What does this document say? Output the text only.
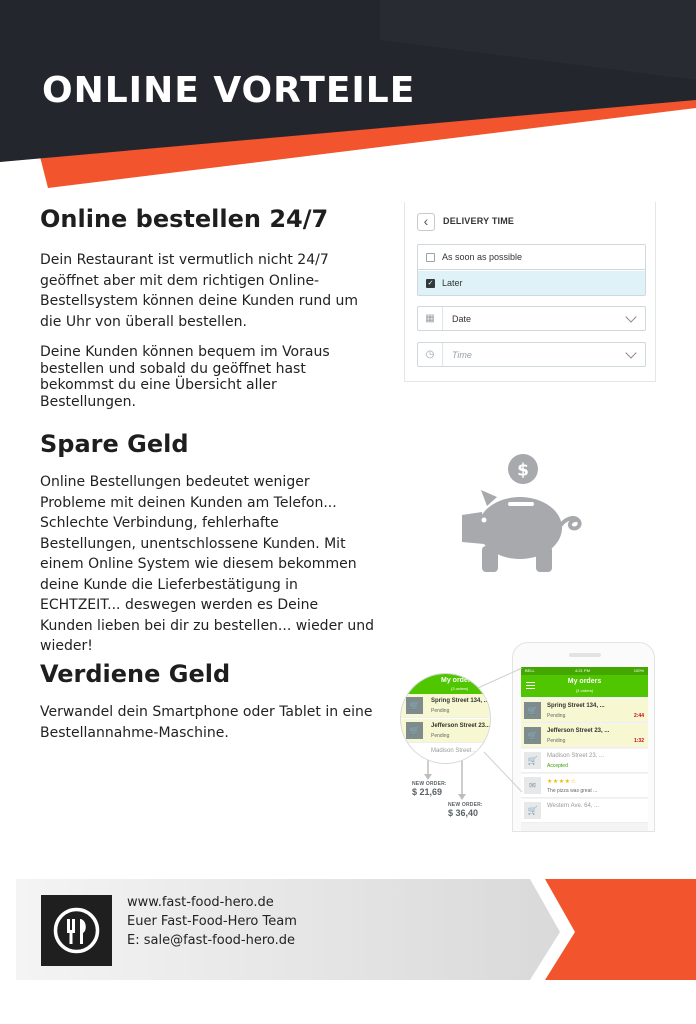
ONLINE VORTEILE
Online bestellen 24/7
Dein Restaurant ist vermutlich nicht 24/7 geöffnet aber mit dem richtigen Online-Bestellsystem können deine Kunden rund um die Uhr von überall bestellen.
Deine Kunden können bequem im Voraus bestellen und sobald du geöffnet hast bekommst du eine Übersicht aller Bestellungen.
‹	DELIVERY TIME
As soon as possible
✓ Later
▦	Date
◷	Time
Spare Geld
Online Bestellungen bedeutet weniger Probleme mit deinen Kunden am Telefon... Schlechte Verbindung, fehlerhafte Bestellungen, unentschlossene Kunden. Mit einem Online System wie diesem bekommen deine Kunde die Lieferbestätigung in ECHTZEIT... deswegen werden es Deine Kunden lieben bei dir zu bestellen... wieder und wieder!
$
Verdiene Geld
Verwandel dein Smartphone oder Tablet in eine Bestellannahme-Maschine.
BELL	4:21 PM	100%
My orders
(3 orders)
🛒	Spring Street 134, ...
Pending	2:44
🛒	Jefferson Street 23, ...
Pending	1:32
🛒	Madison Street 23, ...
Accepted
✉	★★★★☆
The pizza was great ...
🛒	Western Ave. 64, ...
My orders
(3 orders)
🛒	Spring Street 134, ...
Pending
🛒	Jefferson Street 23...
Pending
Madison Street ...
NEW ORDER:
$ 21,69
NEW ORDER:
$ 36,40
www.fast-food-hero.de
Euer Fast-Food-Hero Team
E: sale@fast-food-hero.de
